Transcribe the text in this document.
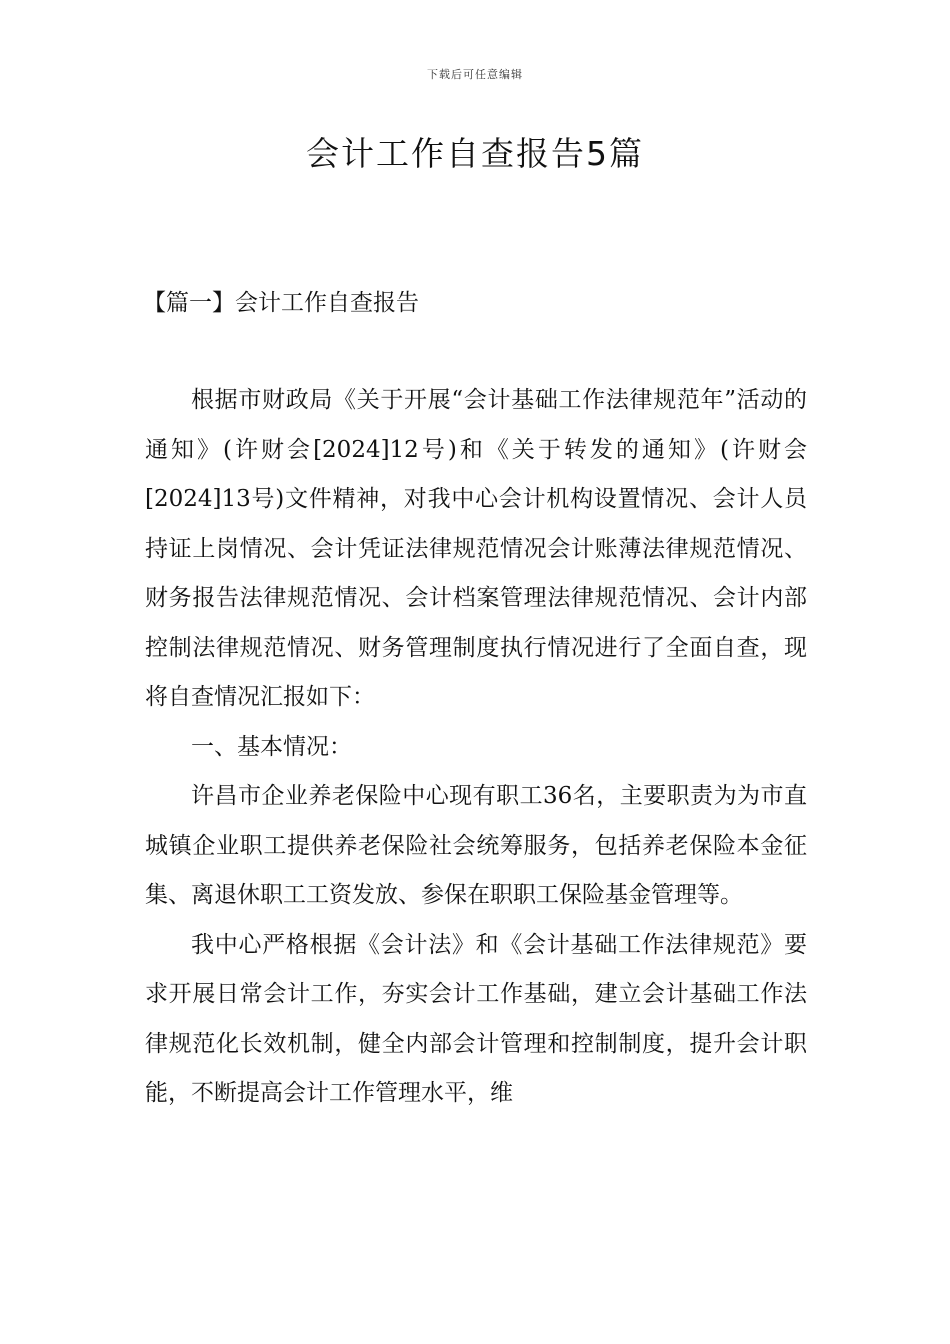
下载后可任意编辑
会计工作自查报告5篇
【篇一】会计工作自查报告

根据市财政局《关于开展“会计基础工作法律规范年”活动的通知》(许财会[2024]12号)和《关于转发的通知》(许财会[2024]13号)文件精神，对我中心会计机构设置情况、会计人员持证上岗情况、会计凭证法律规范情况会计账薄法律规范情况、财务报告法律规范情况、会计档案管理法律规范情况、会计内部控制法律规范情况、财务管理制度执行情况进行了全面自查，现将自查情况汇报如下：

一、基本情况：

许昌市企业养老保险中心现有职工36名，主要职责为为市直城镇企业职工提供养老保险社会统筹服务，包括养老保险本金征集、离退休职工工资发放、参保在职职工保险基金管理等。

我中心严格根据《会计法》和《会计基础工作法律规范》要求开展日常会计工作，夯实会计工作基础，建立会计基础工作法律规范化长效机制，健全内部会计管理和控制制度，提升会计职能，不断提高会计工作管理水平，维
